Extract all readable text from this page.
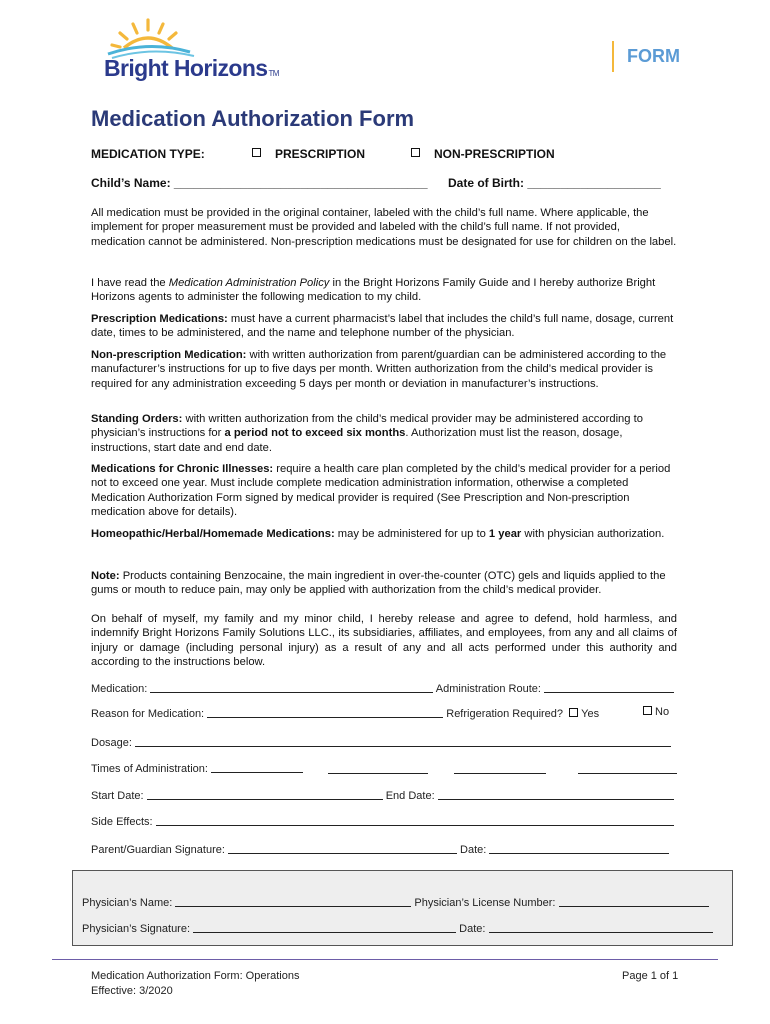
Bright HorizonsTM
FORM
Medication Authorization Form
MEDICATION TYPE:	PRESCRIPTION	NON-PRESCRIPTION
Child’s Name: ______________________________________ Date of Birth: ____________________
All medication must be provided in the original container, labeled with the child’s full name. Where applicable, the implement for proper measurement must be provided and labeled with the child’s full name. If not provided, medication cannot be administered. Non-prescription medications must be designated for use for children on the label.
I have read the Medication Administration Policy in the Bright Horizons Family Guide and I hereby authorize Bright Horizons agents to administer the following medication to my child.
Prescription Medications: must have a current pharmacist’s label that includes the child’s full name, dosage, current date, times to be administered, and the name and telephone number of the physician.
Non-prescription Medication: with written authorization from parent/guardian can be administered according to the manufacturer’s instructions for up to five days per month. Written authorization from the child’s medical provider is required for any administration exceeding 5 days per month or deviation in manufacturer’s instructions.
Standing Orders: with written authorization from the child’s medical provider may be administered according to physician’s instructions for a period not to exceed six months. Authorization must list the reason, dosage, instructions, start date and end date.
Medications for Chronic Illnesses: require a health care plan completed by the child’s medical provider for a period not to exceed one year. Must include complete medication administration information, otherwise a completed Medication Authorization Form signed by medical provider is required (See Prescription and Non-prescription medication above for details).
Homeopathic/Herbal/Homemade Medications: may be administered for up to 1 year with physician authorization.
Note: Products containing Benzocaine, the main ingredient in over-the-counter (OTC) gels and liquids applied to the gums or mouth to reduce pain, may only be applied with authorization from the child’s medical provider.
On behalf of myself, my family and my minor child, I hereby release and agree to defend, hold harmless, and indemnify Bright Horizons Family Solutions LLC., its subsidiaries, affiliates, and employees, from any and all claims of injury or damage (including personal injury) as a result of any and all acts performed under this authority and according to the instructions below.
Medication:	Administration Route:
Reason for Medication:	Refrigeration Required? Yes	No
Dosage:
Times of Administration:
Start Date:	End Date:
Side Effects:
Parent/Guardian Signature:	Date:
Physician’s Name:	Physician’s License Number:
Physician’s Signature:	Date:
Medication Authorization Form: Operations
Effective: 3/2020
Page 1 of 1
